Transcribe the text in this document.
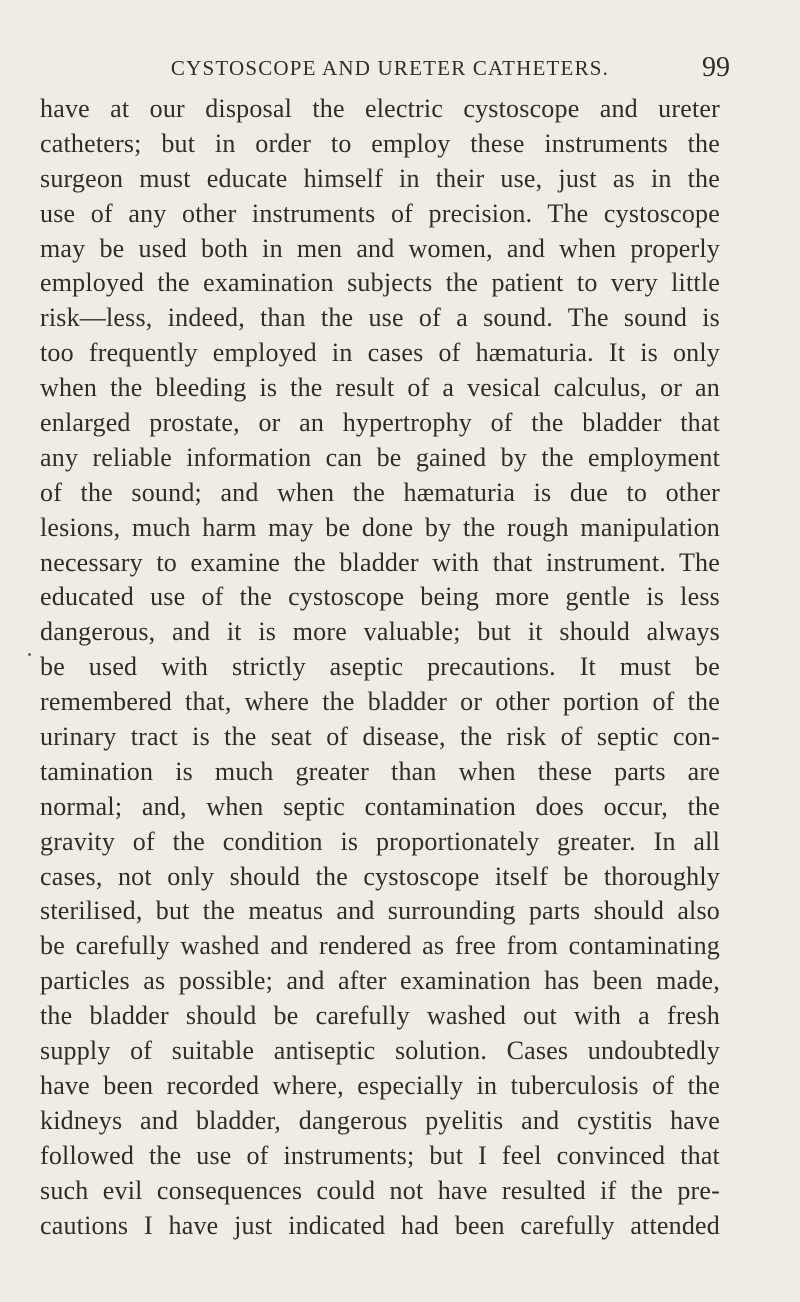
CYSTOSCOPE AND URETER CATHETERS.	99
have at our disposal the electric cystoscope and ureter
catheters; but in order to employ these instruments the
surgeon must educate himself in their use, just as in the
use of any other instruments of precision. The cystoscope
may be used both in men and women, and when properly
employed the examination subjects the patient to very little
risk—less, indeed, than the use of a sound. The sound is
too frequently employed in cases of hæmaturia. It is only
when the bleeding is the result of a vesical calculus, or an
enlarged prostate, or an hypertrophy of the bladder that
any reliable information can be gained by the employment
of the sound; and when the hæmaturia is due to other
lesions, much harm may be done by the rough manipulation
necessary to examine the bladder with that instrument. The
educated use of the cystoscope being more gentle is less
dangerous, and it is more valuable; but it should always
be used with strictly aseptic precautions. It must be
remembered that, where the bladder or other portion of the
urinary tract is the seat of disease, the risk of septic con-
tamination is much greater than when these parts are
normal; and, when septic contamination does occur, the
gravity of the condition is proportionately greater. In all
cases, not only should the cystoscope itself be thoroughly
sterilised, but the meatus and surrounding parts should also
be carefully washed and rendered as free from contaminating
particles as possible; and after examination has been made,
the bladder should be carefully washed out with a fresh
supply of suitable antiseptic solution. Cases undoubtedly
have been recorded where, especially in tuberculosis of the
kidneys and bladder, dangerous pyelitis and cystitis have
followed the use of instruments; but I feel convinced that
such evil consequences could not have resulted if the pre-
cautions I have just indicated had been carefully attended
